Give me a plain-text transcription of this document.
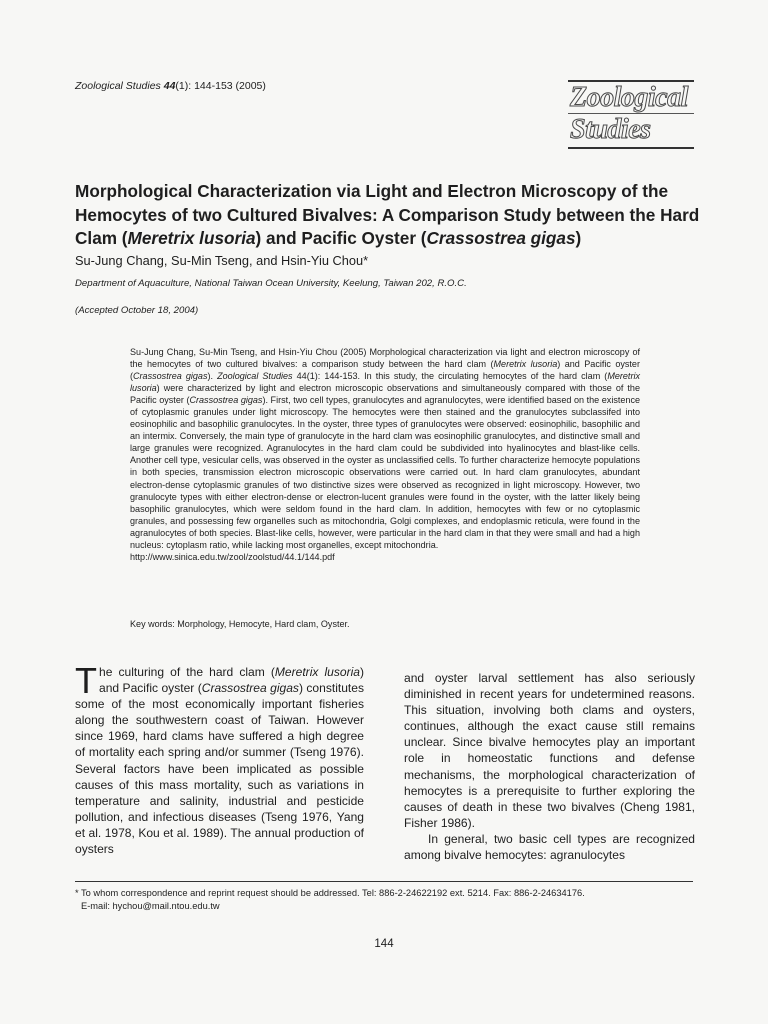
Zoological Studies 44(1): 144-153 (2005)	Zoological
Studies
Morphological Characterization via Light and Electron Microscopy of the Hemocytes of two Cultured Bivalves: A Comparison Study between the Hard Clam (Meretrix lusoria) and Pacific Oyster (Crassostrea gigas)
Su-Jung Chang, Su-Min Tseng, and Hsin-Yiu Chou*
Department of Aquaculture, National Taiwan Ocean University, Keelung, Taiwan 202, R.O.C.
(Accepted October 18, 2004)
Su-Jung Chang, Su-Min Tseng, and Hsin-Yiu Chou (2005) Morphological characterization via light and electron microscopy of the hemocytes of two cultured bivalves: a comparison study between the hard clam (Meretrix lusoria) and Pacific oyster (Crassostrea gigas). Zoological Studies 44(1): 144-153. In this study, the circulating hemocytes of the hard clam (Meretrix lusoria) were characterized by light and electron microscopic observations and simultaneously compared with those of the Pacific oyster (Crassostrea gigas). First, two cell types, granulocytes and agranulocytes, were identified based on the existence of cytoplasmic granules under light microscopy. The hemocytes were then stained and the granulocytes subclassifed into eosinophilic and basophilic granulocytes. In the oyster, three types of granulocytes were observed: eosinophilic, basophilic and an intermix. Conversely, the main type of granulocyte in the hard clam was eosinophilic granulocytes, and distinctive small and large granules were recognized. Agranulocytes in the hard clam could be subdivided into hyalinocytes and blast-like cells. Another cell type, vesicular cells, was observed in the oyster as unclassified cells. To further characterize hemocyte populations in both species, transmission electron microscopic observations were carried out. In hard clam granulocytes, abundant electron-dense cytoplasmic granules of two distinctive sizes were observed as recognized in light microscopy. However, two granulocyte types with either electron-dense or electron-lucent granules were found in the oyster, with the latter likely being basophilic granulocytes, which were seldom found in the hard clam. In addition, hemocytes with few or no cytoplasmic granules, and possessing few organelles such as mitochondria, Golgi complexes, and endoplasmic reticula, were found in the agranulocytes of both species. Blast-like cells, however, were particular in the hard clam in that they were small and had a high nucleus: cytoplasm ratio, while lacking most organelles, except mitochondria.
http://www.sinica.edu.tw/zool/zoolstud/44.1/144.pdf
Key words: Morphology, Hemocyte, Hard clam, Oyster.
The culturing of the hard clam (Meretrix lusoria) and Pacific oyster (Crassostrea gigas) constitutes some of the most economically important fisheries along the southwestern coast of Taiwan. However since 1969, hard clams have suffered a high degree of mortality each spring and/or summer (Tseng 1976). Several factors have been implicated as possible causes of this mass mortality, such as variations in temperature and salinity, industrial and pesticide pollution, and infectious diseases (Tseng 1976, Yang et al. 1978, Kou et al. 1989). The annual production of oysters
and oyster larval settlement has also seriously diminished in recent years for undetermined reasons. This situation, involving both clams and oysters, continues, although the exact cause still remains unclear. Since bivalve hemocytes play an important role in homeostatic functions and defense mechanisms, the morphological characterization of hemocytes is a prerequisite to further exploring the causes of death in these two bivalves (Cheng 1981, Fisher 1986).
In general, two basic cell types are recognized among bivalve hemocytes: agranulocytes
* To whom correspondence and reprint request should be addressed. Tel: 886-2-24622192 ext. 5214. Fax: 886-2-24634176.
E-mail: hychou@mail.ntou.edu.tw
144
